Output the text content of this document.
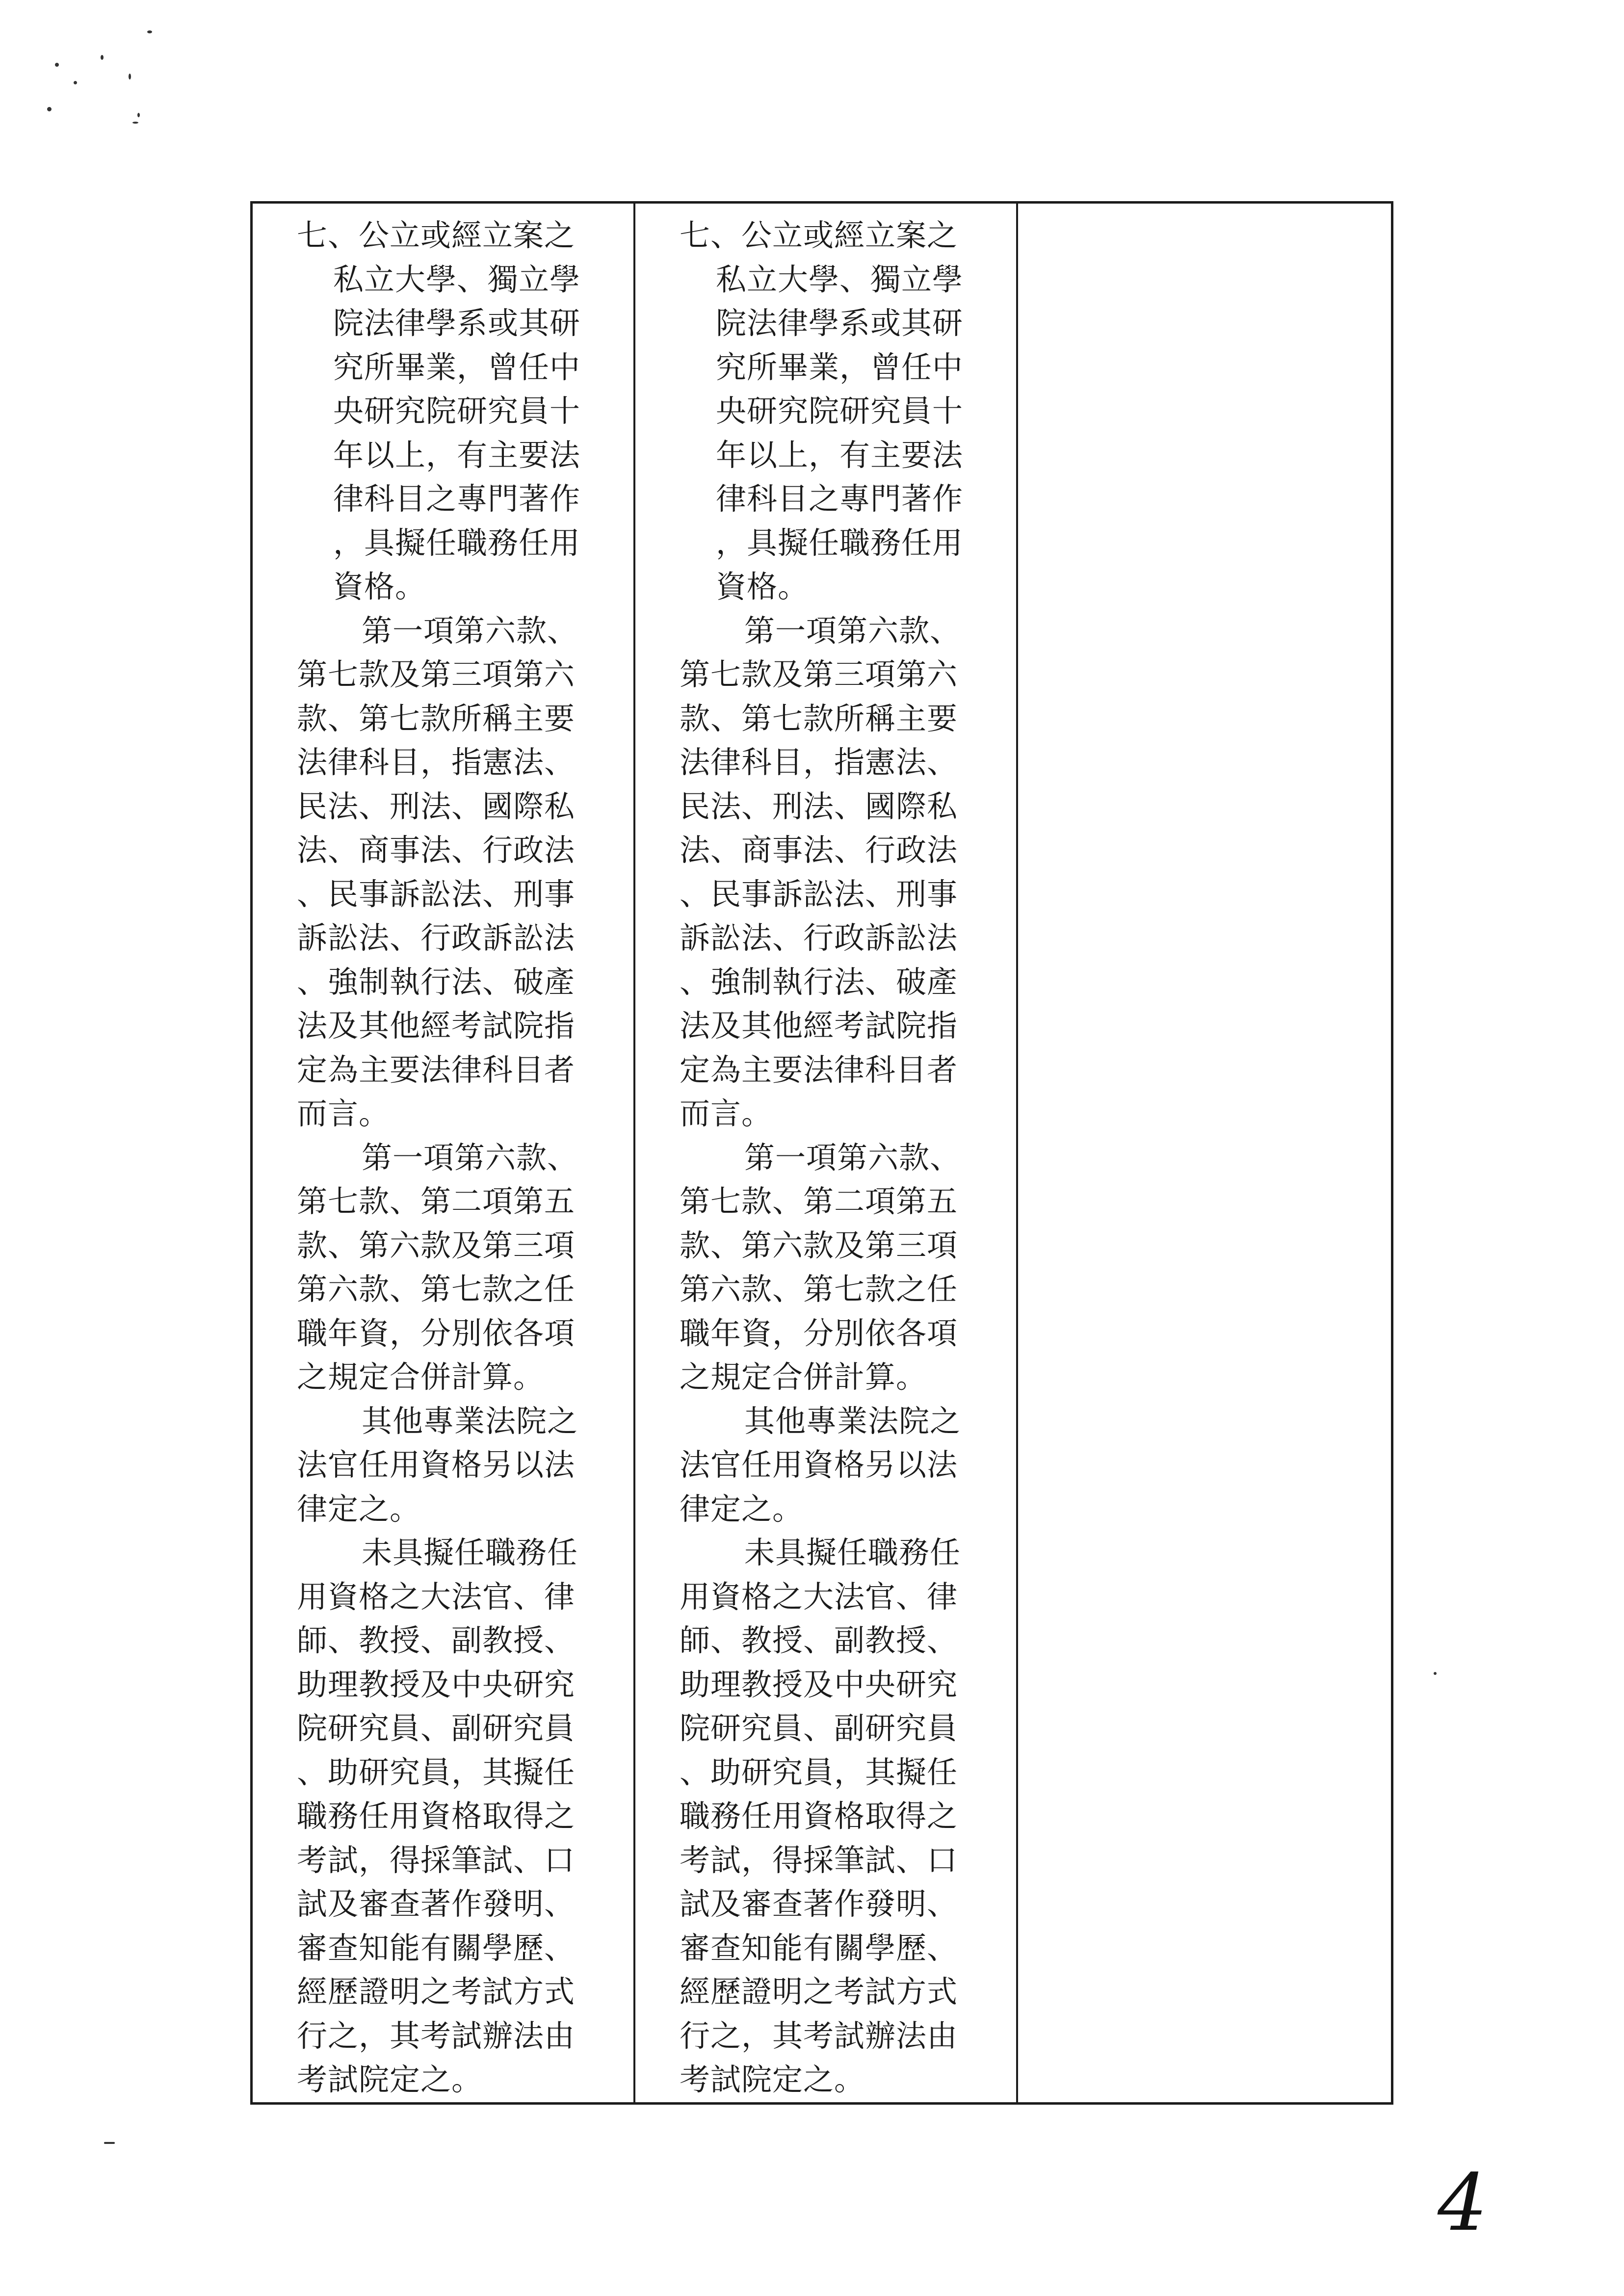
七、公立或經立案之
私立大學、獨立學
院法律學系或其研
究所畢業，曾任中
央研究院研究員十
年以上，有主要法
律科目之專門著作
，具擬任職務任用
資格。
第一項第六款、
第七款及第三項第六
款、第七款所稱主要
法律科目，指憲法、
民法、刑法、國際私
法、商事法、行政法
、民事訴訟法、刑事
訴訟法、行政訴訟法
、強制執行法、破產
法及其他經考試院指
定為主要法律科目者
而言。
第一項第六款、
第七款、第二項第五
款、第六款及第三項
第六款、第七款之任
職年資，分別依各項
之規定合併計算。
其他專業法院之
法官任用資格另以法
律定之。
未具擬任職務任
用資格之大法官、律
師、教授、副教授、
助理教授及中央研究
院研究員、副研究員
、助研究員，其擬任
職務任用資格取得之
考試，得採筆試、口
試及審查著作發明、
審查知能有關學歷、
經歷證明之考試方式
行之，其考試辦法由
考試院定之。
七、公立或經立案之
私立大學、獨立學
院法律學系或其研
究所畢業，曾任中
央研究院研究員十
年以上，有主要法
律科目之專門著作
，具擬任職務任用
資格。
第一項第六款、
第七款及第三項第六
款、第七款所稱主要
法律科目，指憲法、
民法、刑法、國際私
法、商事法、行政法
、民事訴訟法、刑事
訴訟法、行政訴訟法
、強制執行法、破產
法及其他經考試院指
定為主要法律科目者
而言。
第一項第六款、
第七款、第二項第五
款、第六款及第三項
第六款、第七款之任
職年資，分別依各項
之規定合併計算。
其他專業法院之
法官任用資格另以法
律定之。
未具擬任職務任
用資格之大法官、律
師、教授、副教授、
助理教授及中央研究
院研究員、副研究員
、助研究員，其擬任
職務任用資格取得之
考試，得採筆試、口
試及審查著作發明、
審查知能有關學歷、
經歷證明之考試方式
行之，其考試辦法由
考試院定之。
4
